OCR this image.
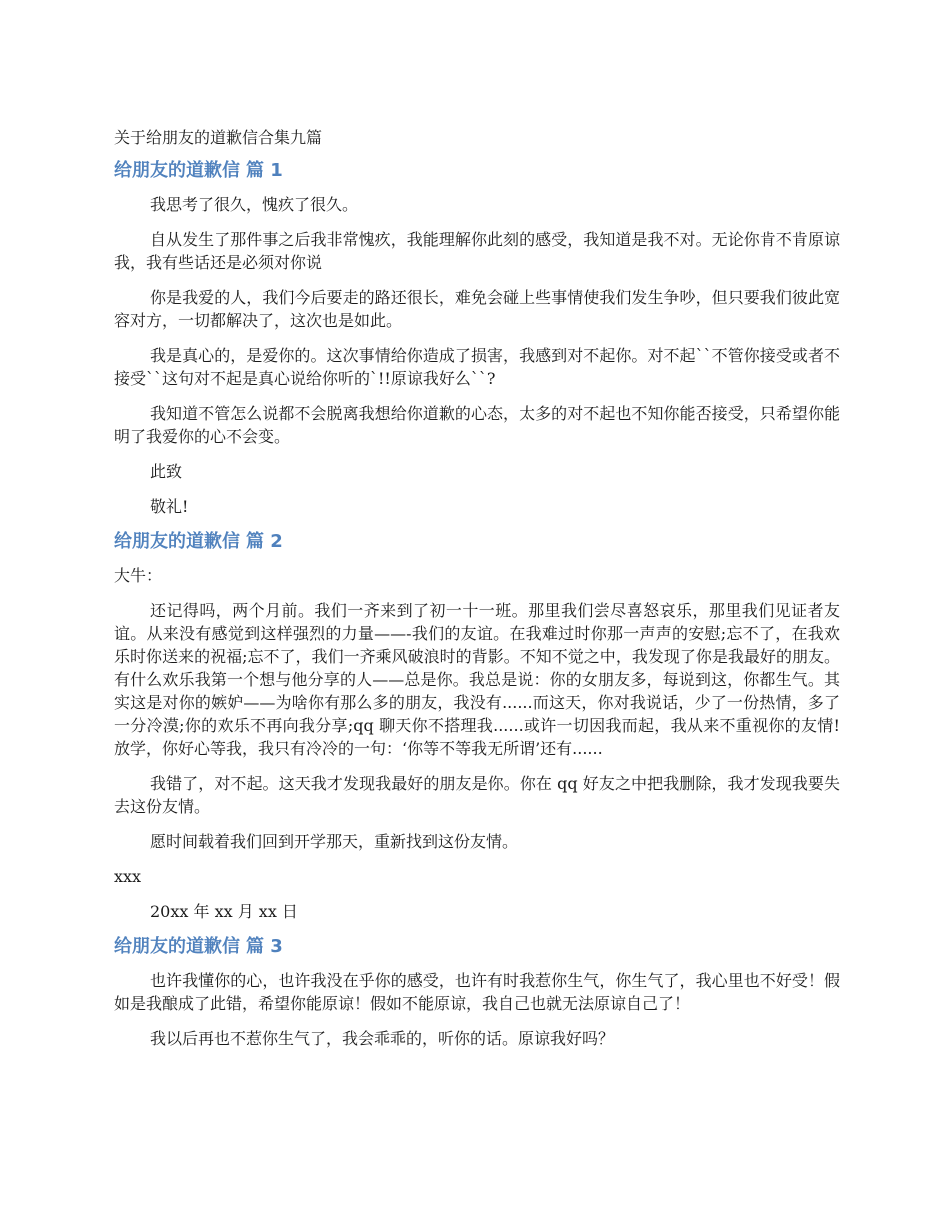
关于给朋友的道歉信合集九篇
给朋友的道歉信 篇 1

我思考了很久，愧疚了很久。

自从发生了那件事之后我非常愧疚，我能理解你此刻的感受，我知道是我不对。无论你肯不肯原谅我，我有些话还是必须对你说

你是我爱的人，我们今后要走的路还很长，难免会碰上些事情使我们发生争吵，但只要我们彼此宽容对方，一切都解决了，这次也是如此。

我是真心的，是爱你的。这次事情给你造成了损害，我感到对不起你。对不起``不管你接受或者不接受``这句对不起是真心说给你听的`!!原谅我好么``?

我知道不管怎么说都不会脱离我想给你道歉的心态，太多的对不起也不知你能否接受，只希望你能明了我爱你的心不会变。

此致

敬礼!

给朋友的道歉信 篇 2

大牛：

还记得吗，两个月前。我们一齐来到了初一十一班。那里我们尝尽喜怒哀乐，那里我们见证者友谊。从来没有感觉到这样强烈的力量——-我们的友谊。在我难过时你那一声声的安慰;忘不了，在我欢乐时你送来的祝福;忘不了，我们一齐乘风破浪时的背影。不知不觉之中，我发现了你是我最好的朋友。有什么欢乐我第一个想与他分享的人——总是你。我总是说：你的女朋友多，每说到这，你都生气。其实这是对你的嫉妒——为啥你有那么多的朋友，我没有......而这天，你对我说话，少了一份热情，多了一分冷漠;你的欢乐不再向我分享;qq 聊天你不搭理我......或许一切因我而起，我从来不重视你的友情!放学，你好心等我，我只有冷冷的一句：‘你等不等我无所谓’还有......

我错了，对不起。这天我才发现我最好的朋友是你。你在 qq 好友之中把我删除，我才发现我要失去这份友情。

愿时间载着我们回到开学那天，重新找到这份友情。

xxx

20xx 年 xx 月 xx 日

给朋友的道歉信 篇 3

也许我懂你的心，也许我没在乎你的感受，也许有时我惹你生气，你生气了，我心里也不好受！假如是我酿成了此错，希望你能原谅！假如不能原谅，我自己也就无法原谅自己了！

我以后再也不惹你生气了，我会乖乖的，听你的话。原谅我好吗？
